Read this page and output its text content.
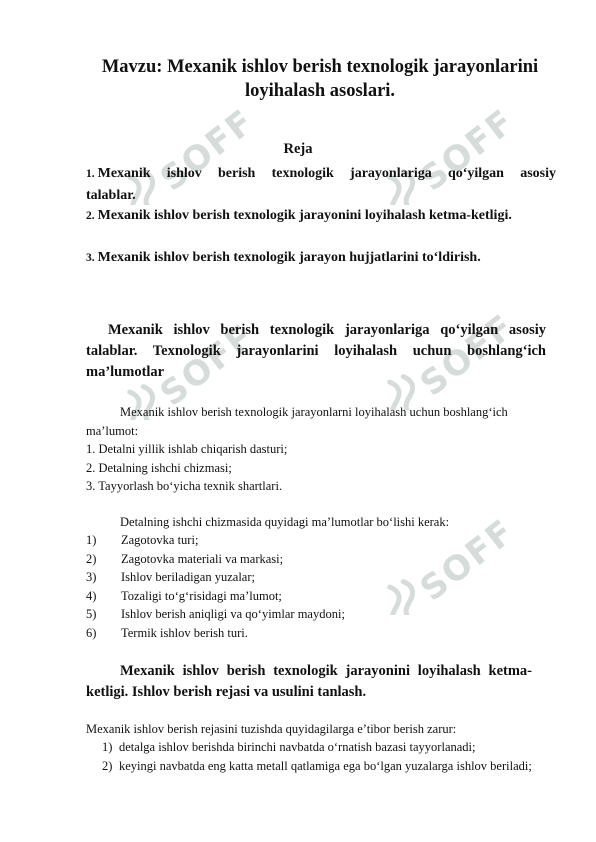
SOFF	SOFF
SOFF	SOFF
SOFF
Mavzu: Mexanik ishlov berish texnologik jarayonlarini loyihalash asoslari.
Reja
1. Mexanik ishlov berish texnologik jarayonlariga qo‘yilgan asosiy talablar.
2. Mexanik ishlov berish texnologik jarayonini loyihalash ketma-ketligi.
3. Mexanik ishlov berish texnologik jarayon hujjatlarini to‘ldirish.
Mexanik ishlov berish texnologik jarayonlariga qo‘yilgan asosiy talablar. Texnologik jarayonlarini loyihalash uchun boshlang‘ich ma’lumotlar
Mexanik ishlov berish texnologik jarayonlarni loyihalash uchun boshlang‘ich ma’lumot:
1. Detalni yillik ishlab chiqarish dasturi;
2. Detalning ishchi chizmasi;
3. Tayyorlash bo‘yicha texnik shartlari.
Detalning ishchi chizmasida quyidagi ma’lumotlar bo‘lishi kerak:
1)	Zagotovka turi;
2)	Zagotovka materiali va markasi;
3)	Ishlov beriladigan yuzalar;
4)	Tozaligi to‘g‘risidagi ma’lumot;
5)	Ishlov berish aniqligi va qo‘yimlar maydoni;
6)	Termik ishlov berish turi.
Mexanik ishlov berish texnologik jarayonini loyihalash ketma-ketligi. Ishlov berish rejasi va usulini tanlash.
Mexanik ishlov berish rejasini tuzishda quyidagilarga e’tibor berish zarur:
1) detalga ishlov berishda birinchi navbatda o‘rnatish bazasi tayyorlanadi;
2) keyingi navbatda eng katta metall qatlamiga ega bo‘lgan yuzalarga ishlov beriladi;
